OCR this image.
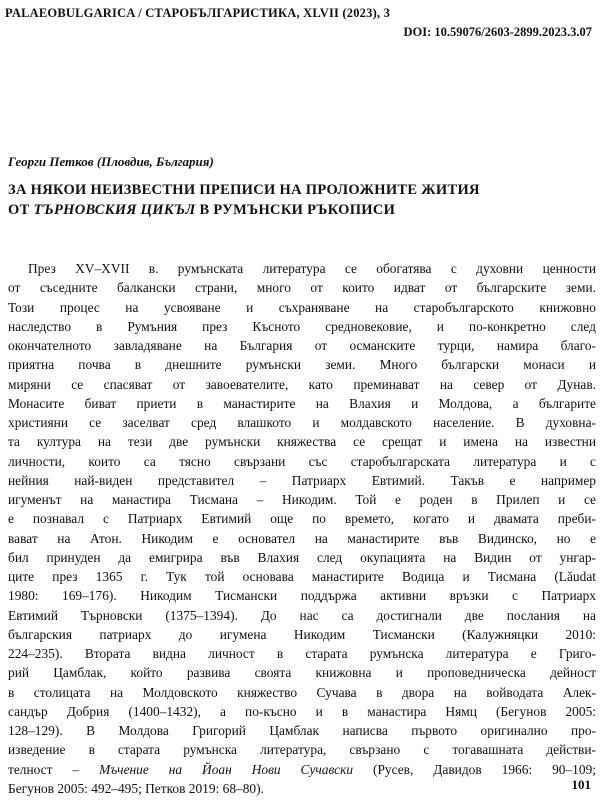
PALAEOBULGARICA / СТАРОБЪЛГАРИСТИКА, XLVII (2023), 3
DOI: 10.59076/2603-2899.2023.3.07
Георги Петков (Пловдив, България)
ЗА НЯКОИ НЕИЗВЕСТНИ ПРЕПИСИ НА ПРОЛОЖНИТЕ ЖИТИЯ
ОТ ТЪРНОВСКИЯ ЦИКЪЛ В РУМЪНСКИ РЪКОПИСИ
През XV–XVII в. румънската литература се обогатява с духовни ценности
от съседните балкански страни, много от които идват от българските земи.
Този процес на усвояване и съхраняване на старобългарското книжовно
наследство в Румъния през Късното средновековие, и по-конкретно след
окончателното завладяване на България от османските турци, намира благо-
приятна почва в днешните румънски земи. Много български монаси и
миряни се спасяват от завоевателите, като преминават на север от Дунав.
Монасите биват приети в манастирите на Влахия и Молдова, а българите
християни се заселват сред влашкото и молдавското население. В духовна-
та култура на тези две румънски княжества се срещат и имена на известни
личности, които са тясно свързани със старобългарската литература и с
нейния най-виден представител – Патриарх Евтимий. Такъв е например
игуменът на манастира Тисмана – Никодим. Той е роден в Прилеп и се
е познавал с Патриарх Евтимий още по времето, когато и двамата преби-
вават на Атон. Никодим е основател на манастирите във Видинско, но е
бил принуден да емигрира във Влахия след окупацията на Видин от унгар-
ците през 1365 г. Тук той основава манастирите Водица и Тисмана (Lăudat
1980: 169–176). Никодим Тисмански поддържа активни връзки с Патриарх
Евтимий Търновски (1375–1394). До нас са достигнали две послания на
българския патриарх до игумена Никодим Тисмански (Калужняцки 2010:
224–235). Втората видна личност в старата румънска литература е Григо-
рий Цамблак, който развива своята книжовна и проповедническа дейност
в столицата на Молдовското княжество Сучава в двора на войводата Алек-
сандър Добрия (1400–1432), а по-късно и в манастира Нямц (Бегунов 2005:
128–129). В Молдова Григорий Цамблак написва първото оригинално про-
изведение в старата румънска литература, свързано с тогавашната действи-
телност – Мъчение на Йоан Нови Сучавски (Русев, Давидов 1966: 90–109;
Бегунов 2005: 492–495; Петков 2019: 68–80).	101
